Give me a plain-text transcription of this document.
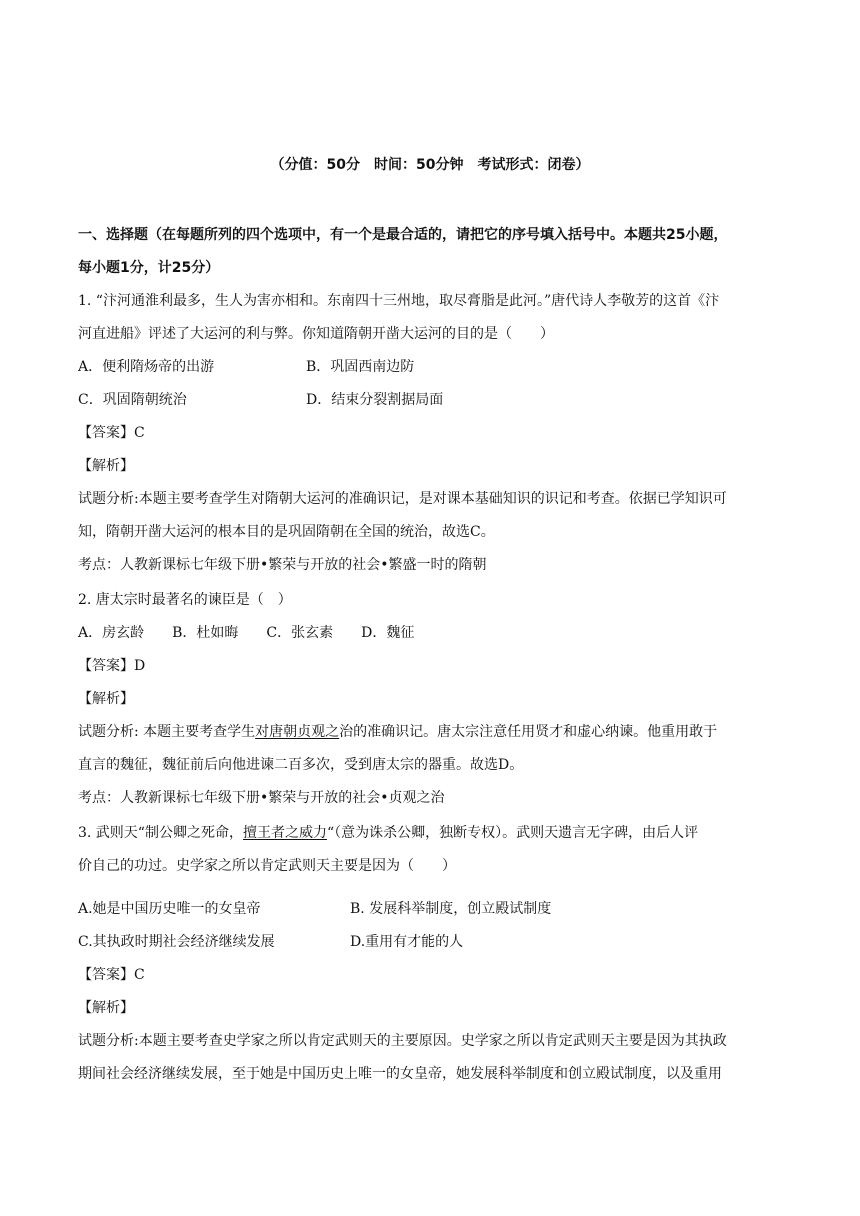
（分值：50分　时间：50分钟　考试形式：闭卷）
一、选择题（在每题所列的四个选项中，有一个是最合适的，请把它的序号填入括号中。本题共25小题，
每小题1分，计25分）
1. “汴河通淮利最多，生人为害亦相和。东南四十三州地，取尽膏脂是此河。”唐代诗人李敬芳的这首《汴
河直进船》评述了大运河的利与弊。你知道隋朝开凿大运河的目的是（　　）
A．便利隋炀帝的出游	B．巩固西南边防
C．巩固隋朝统治	D．结束分裂割据局面
【答案】C
【解析】
试题分析:本题主要考查学生对隋朝大运河的准确识记，是对课本基础知识的识记和考查。依据已学知识可
知，隋朝开凿大运河的根本目的是巩固隋朝在全国的统治，故选C。
考点：人教新课标七年级下册•繁荣与开放的社会•繁盛一时的隋朝
2. 唐太宗时最著名的谏臣是（　）
A．房玄龄　　B．杜如晦　　C．张玄素　　D．魏征
【答案】D
【解析】
试题分析: 本题主要考查学生对唐朝贞观之治的准确识记。唐太宗注意任用贤才和虚心纳谏。他重用敢于
直言的魏征，魏征前后向他进谏二百多次，受到唐太宗的器重。故选D。
考点：人教新课标七年级下册•繁荣与开放的社会•贞观之治
3. 武则天“制公卿之死命，擅王者之威力“（意为诛杀公卿，独断专权）。武则天遗言无字碑，由后人评
价自己的功过。史学家之所以肯定武则天主要是因为（　　）
A.她是中国历史唯一的女皇帝	B. 发展科举制度，创立殿试制度
C.其执政时期社会经济继续发展	D.重用有才能的人
【答案】C
【解析】
试题分析:本题主要考查史学家之所以肯定武则天的主要原因。史学家之所以肯定武则天主要是因为其执政
期间社会经济继续发展，至于她是中国历史上唯一的女皇帝，她发展科举制度和创立殿试制度，以及重用
